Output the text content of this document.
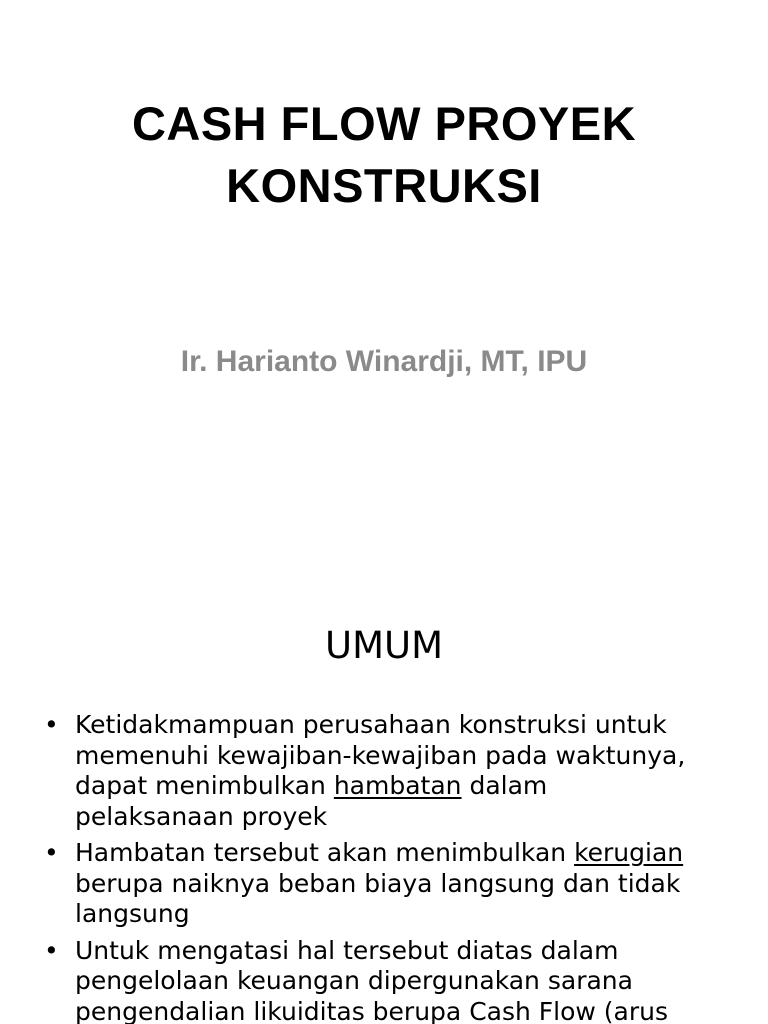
CASH FLOW PROYEK
KONSTRUKSI
Ir. Harianto Winardji, MT, IPU
UMUM
• Ketidakmampuan perusahaan konstruksi untuk
memenuhi kewajiban-kewajiban pada waktunya,
dapat menimbulkan hambatan dalam
pelaksanaan proyek
• Hambatan tersebut akan menimbulkan kerugian
berupa naiknya beban biaya langsung dan tidak
langsung
• Untuk mengatasi hal tersebut diatas dalam
pengelolaan keuangan dipergunakan sarana
pengendalian likuiditas berupa Cash Flow (arus
